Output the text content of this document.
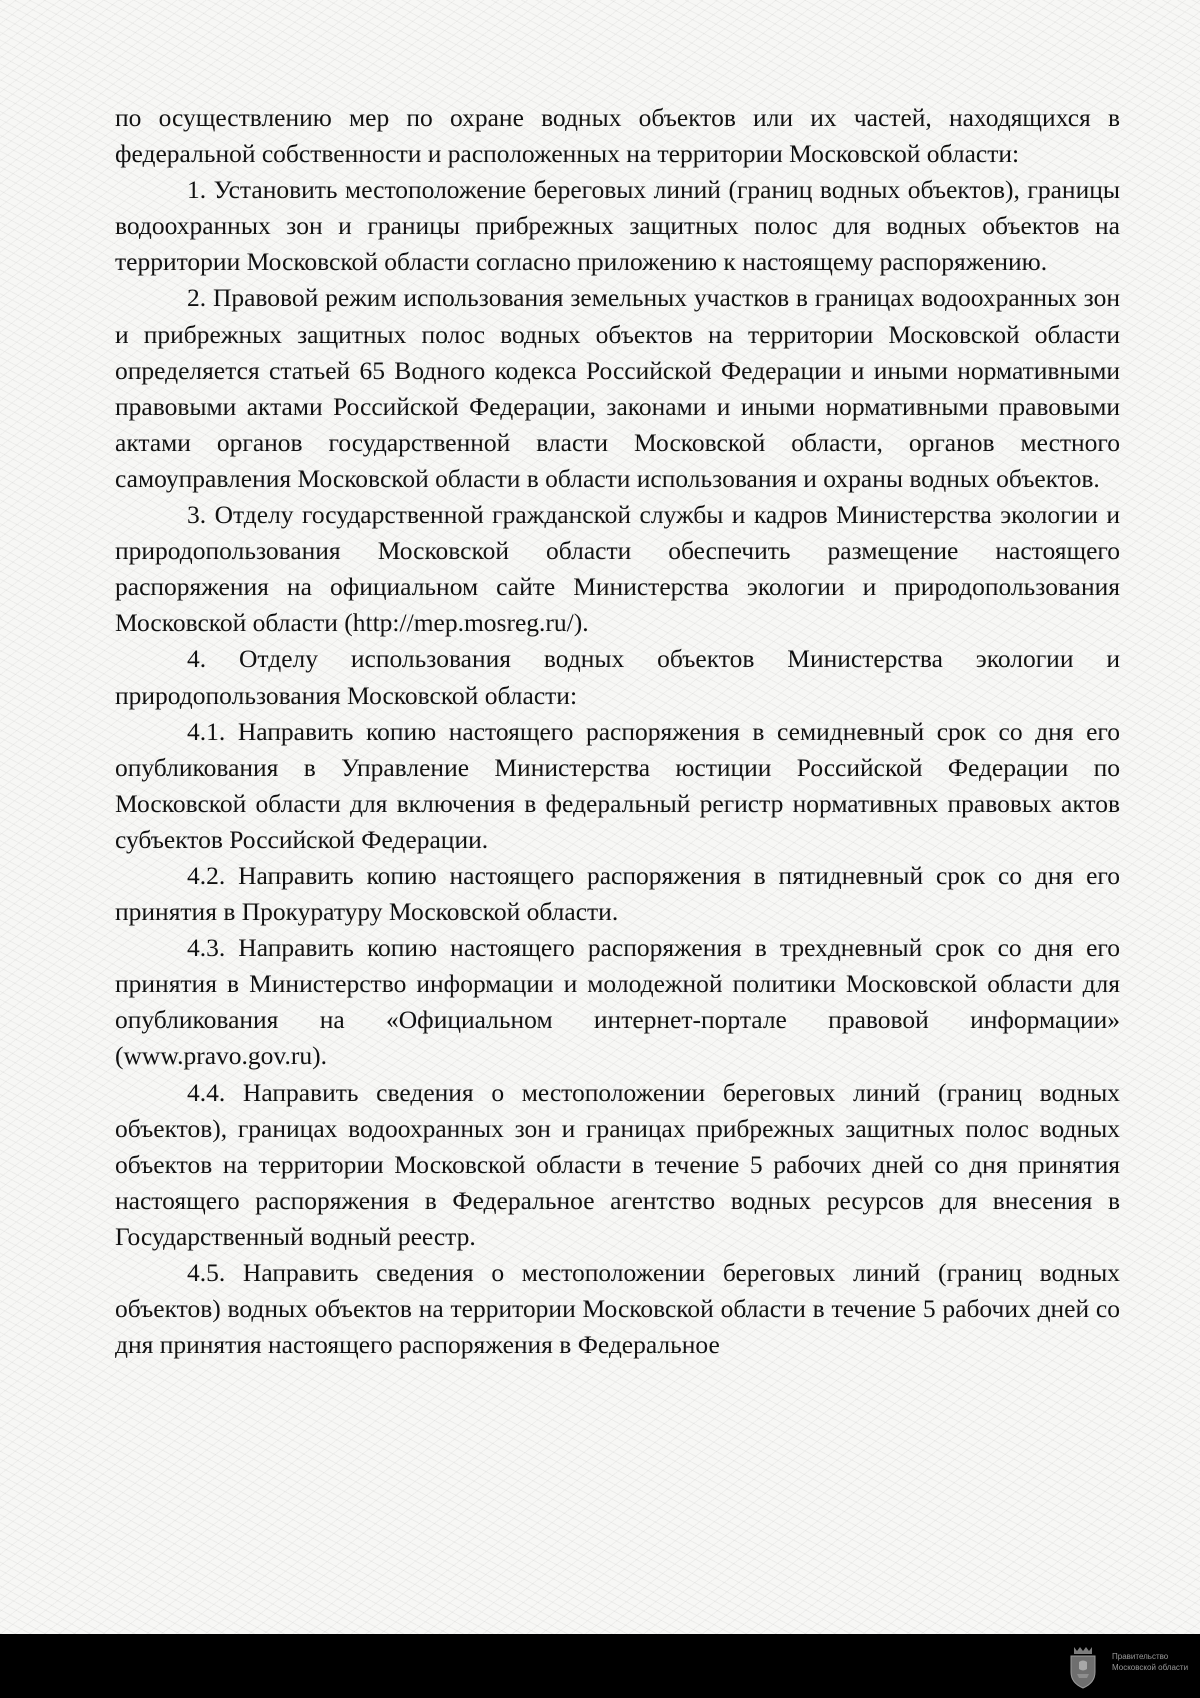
по осуществлению мер по охране водных объектов или их частей, находящихся в федеральной собственности и расположенных на территории Московской области:

1. Установить местоположение береговых линий (границ водных объектов), границы водоохранных зон и границы прибрежных защитных полос для водных объектов на территории Московской области согласно приложению к настоящему распоряжению.

2. Правовой режим использования земельных участков в границах водоохранных зон и прибрежных защитных полос водных объектов на территории Московской области определяется статьей 65 Водного кодекса Российской Федерации и иными нормативными правовыми актами Российской Федерации, законами и иными нормативными правовыми актами органов государственной власти Московской области, органов местного самоуправления Московской области в области использования и охраны водных объектов.

3. Отделу государственной гражданской службы и кадров Министерства экологии и природопользования Московской области обеспечить размещение настоящего распоряжения на официальном сайте Министерства экологии и природопользования Московской области (http://mep.mosreg.ru/).

4. Отделу использования водных объектов Министерства экологии и природопользования Московской области:

4.1. Направить копию настоящего распоряжения в семидневный срок со дня его опубликования в Управление Министерства юстиции Российской Федерации по Московской области для включения в федеральный регистр нормативных правовых актов субъектов Российской Федерации.

4.2. Направить копию настоящего распоряжения в пятидневный срок со дня его принятия в Прокуратуру Московской области.

4.3. Направить копию настоящего распоряжения в трехдневный срок со дня его принятия в Министерство информации и молодежной политики Московской области для опубликования на «Официальном интернет-портале правовой информации» (www.pravo.gov.ru).

4.4. Направить сведения о местоположении береговых линий (границ водных объектов), границах водоохранных зон и границах прибрежных защитных полос водных объектов на территории Московской области в течение 5 рабочих дней со дня принятия настоящего распоряжения в Федеральное агентство водных ресурсов для внесения в Государственный водный реестр.

4.5. Направить сведения о местоположении береговых линий (границ водных объектов) водных объектов на территории Московской области в течение 5 рабочих дней со дня принятия настоящего распоряжения в Федеральное

Правительство
Московской области
